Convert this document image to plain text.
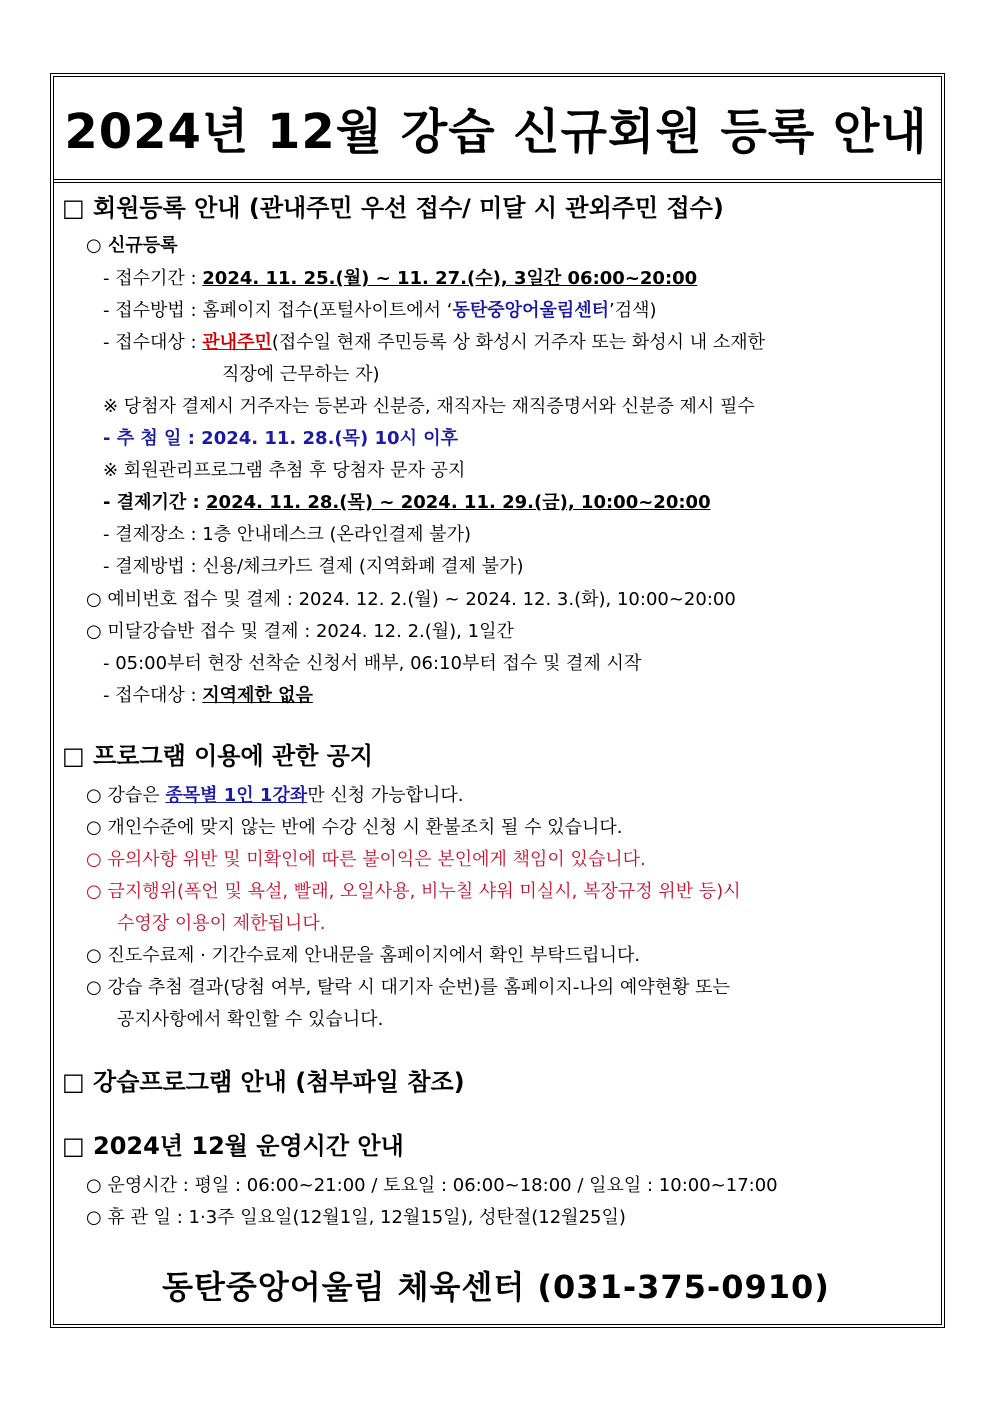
2024년 12월 강습 신규회원 등록 안내
□ 회원등록 안내 (관내주민 우선 접수/ 미달 시 관외주민 접수)
○ 신규등록
- 접수기간 : 2024. 11. 25.(월) ~ 11. 27.(수), 3일간 06:00~20:00
- 접수방법 : 홈페이지 접수(포털사이트에서 ‘동탄중앙어울림센터’검색)
- 접수대상 : 관내주민(접수일 현재 주민등록 상 화성시 거주자 또는 화성시 내 소재한
직장에 근무하는 자)
※ 당첨자 결제시 거주자는 등본과 신분증, 재직자는 재직증명서와 신분증 제시 필수
- 추 첨 일 : 2024. 11. 28.(목) 10시 이후
※ 회원관리프로그램 추첨 후 당첨자 문자 공지
- 결제기간 : 2024. 11. 28.(목) ~ 2024. 11. 29.(금), 10:00~20:00
- 결제장소 : 1층 안내데스크 (온라인결제 불가)
- 결제방법 : 신용/체크카드 결제 (지역화폐 결제 불가)
○ 예비번호 접수 및 결제 : 2024. 12. 2.(월) ~ 2024. 12. 3.(화), 10:00~20:00
○ 미달강습반 접수 및 결제 : 2024. 12. 2.(월), 1일간
- 05:00부터 현장 선착순 신청서 배부, 06:10부터 접수 및 결제 시작
- 접수대상 : 지역제한 없음
□ 프로그램 이용에 관한 공지
○ 강습은 종목별 1인 1강좌만 신청 가능합니다.
○ 개인수준에 맞지 않는 반에 수강 신청 시 환불조치 될 수 있습니다.
○ 유의사항 위반 및 미확인에 따른 불이익은 본인에게 책임이 있습니다.
○ 금지행위(폭언 및 욕설, 빨래, 오일사용, 비누칠 샤워 미실시, 복장규정 위반 등)시
수영장 이용이 제한됩니다.
○ 진도수료제 · 기간수료제 안내문을 홈페이지에서 확인 부탁드립니다.
○ 강습 추첨 결과(당첨 여부, 탈락 시 대기자 순번)를 홈페이지-나의 예약현황 또는
공지사항에서 확인할 수 있습니다.
□ 강습프로그램 안내 (첨부파일 참조)
□ 2024년 12월 운영시간 안내
○ 운영시간 : 평일 : 06:00~21:00 / 토요일 : 06:00~18:00 / 일요일 : 10:00~17:00
○ 휴 관 일 : 1·3주 일요일(12월1일, 12월15일), 성탄절(12월25일)
동탄중앙어울림 체육센터 (031-375-0910)
